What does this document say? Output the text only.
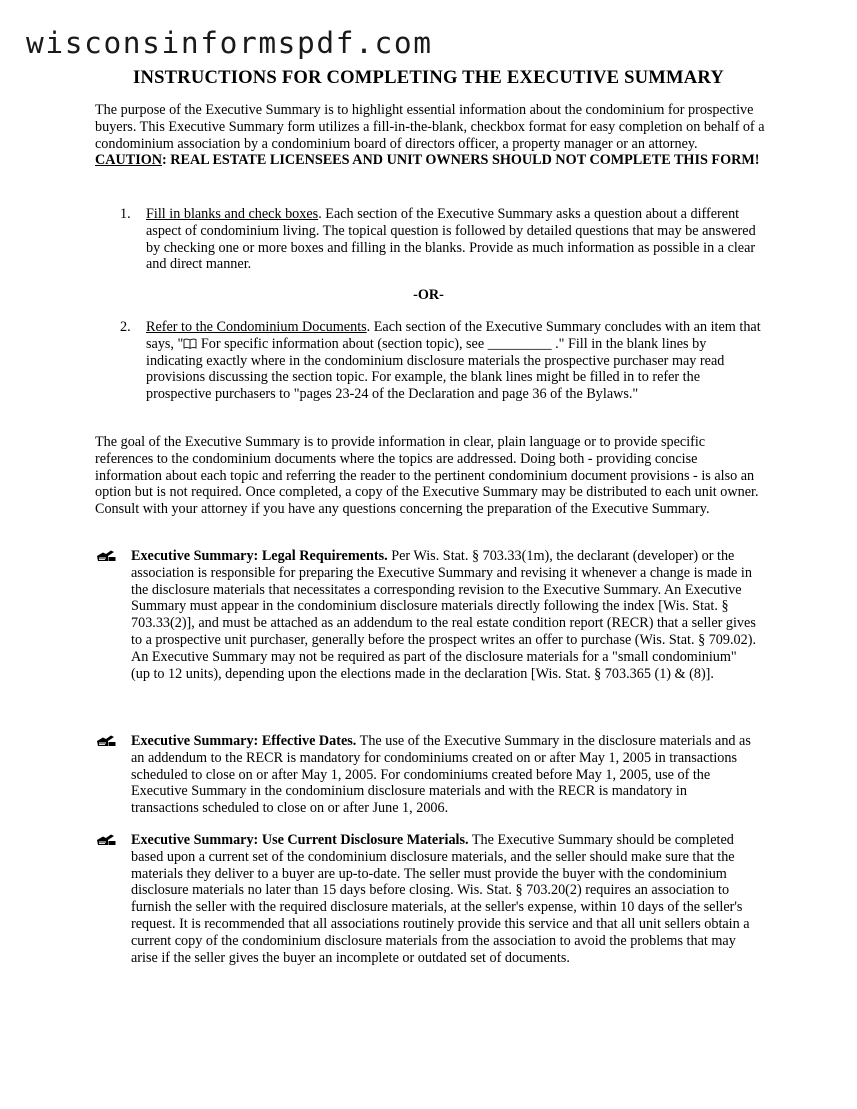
wisconsinformspdf.com
INSTRUCTIONS FOR COMPLETING THE EXECUTIVE SUMMARY
The purpose of the Executive Summary is to highlight essential information about the condominium for prospective buyers. This Executive Summary form utilizes a fill-in-the-blank, checkbox format for easy completion on behalf of a condominium association by a condominium board of directors officer, a property manager or an attorney. CAUTION: REAL ESTATE LICENSEES AND UNIT OWNERS SHOULD NOT COMPLETE THIS FORM!
1. Fill in blanks and check boxes. Each section of the Executive Summary asks a question about a different aspect of condominium living. The topical question is followed by detailed questions that may be answered by checking one or more boxes and filling in the blanks. Provide as much information as possible in a clear and direct manner.
-OR-
2. Refer to the Condominium Documents. Each section of the Executive Summary concludes with an item that says, " For specific information about (section topic), see _________ ." Fill in the blank lines by indicating exactly where in the condominium disclosure materials the prospective purchaser may read provisions discussing the section topic. For example, the blank lines might be filled in to refer the prospective purchasers to "pages 23-24 of the Declaration and page 36 of the Bylaws."
The goal of the Executive Summary is to provide information in clear, plain language or to provide specific references to the condominium documents where the topics are addressed. Doing both - providing concise information about each topic and referring the reader to the pertinent condominium document provisions - is also an option but is not required. Once completed, a copy of the Executive Summary may be distributed to each unit owner. Consult with your attorney if you have any questions concerning the preparation of the Executive Summary.
Executive Summary: Legal Requirements. Per Wis. Stat. § 703.33(1m), the declarant (developer) or the association is responsible for preparing the Executive Summary and revising it whenever a change is made in the disclosure materials that necessitates a corresponding revision to the Executive Summary. An Executive Summary must appear in the condominium disclosure materials directly following the index [Wis. Stat. § 703.33(2)], and must be attached as an addendum to the real estate condition report (RECR) that a seller gives to a prospective unit purchaser, generally before the prospect writes an offer to purchase (Wis. Stat. § 709.02). An Executive Summary may not be required as part of the disclosure materials for a "small condominium" (up to 12 units), depending upon the elections made in the declaration [Wis. Stat. § 703.365 (1) & (8)].
Executive Summary: Effective Dates. The use of the Executive Summary in the disclosure materials and as an addendum to the RECR is mandatory for condominiums created on or after May 1, 2005 in transactions scheduled to close on or after May 1, 2005. For condominiums created before May 1, 2005, use of the Executive Summary in the condominium disclosure materials and with the RECR is mandatory in transactions scheduled to close on or after June 1, 2006.
Executive Summary: Use Current Disclosure Materials. The Executive Summary should be completed based upon a current set of the condominium disclosure materials, and the seller should make sure that the materials they deliver to a buyer are up-to-date. The seller must provide the buyer with the condominium disclosure materials no later than 15 days before closing. Wis. Stat. § 703.20(2) requires an association to furnish the seller with the required disclosure materials, at the seller's expense, within 10 days of the seller's request. It is recommended that all associations routinely provide this service and that all unit sellers obtain a current copy of the condominium disclosure materials from the association to avoid the problems that may arise if the seller gives the buyer an incomplete or outdated set of documents.
